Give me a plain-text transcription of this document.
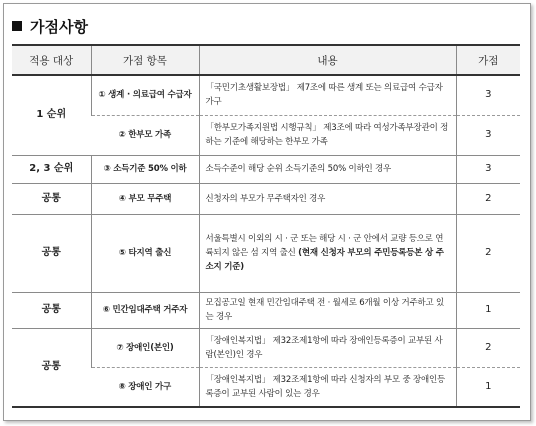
가점사항
적용 대상	가점 항목	내용	가점
1 순위	① 생계 · 의료급여 수급자	「국민기초생활보장법」 제7조에 따른 생계 또는 의료급여 수급자 가구	3
	② 한부모 가족	「한부모가족지원법 시행규칙」 제3조에 따라 여성가족부장관이 정하는 기준에 해당하는 한부모 가족	3
2, 3 순위	③ 소득기준 50% 이하	소득수준이 해당 순위 소득기준의 50% 이하인 경우	3
공통	④ 부모 무주택	신청자의 부모가 무주택자인 경우	2
공통	⑤ 타지역 출신	서울특별시 이외의 시 · 군 또는 해당 시 · 군 안에서 교량 등으로 연륙되지 않은 섬 지역 출신 (현재 신청자 부모의 주민등록등본 상 주소지 기준)	2
공통	⑥ 민간임대주택 거주자	모집공고일 현재 민간임대주택 전 · 월세로 6개월 이상 거주하고 있는 경우	1
공통	⑦ 장애인(본인)	「장애인복지법」 제32조제1항에 따라 장애인등록증이 교부된 사람(본인)인 경우	2
	⑧ 장애인 가구	「장애인복지법」 제32조제1항에 따라 신청자의 부모 중 장애인등록증이 교부된 사람이 있는 경우	1
